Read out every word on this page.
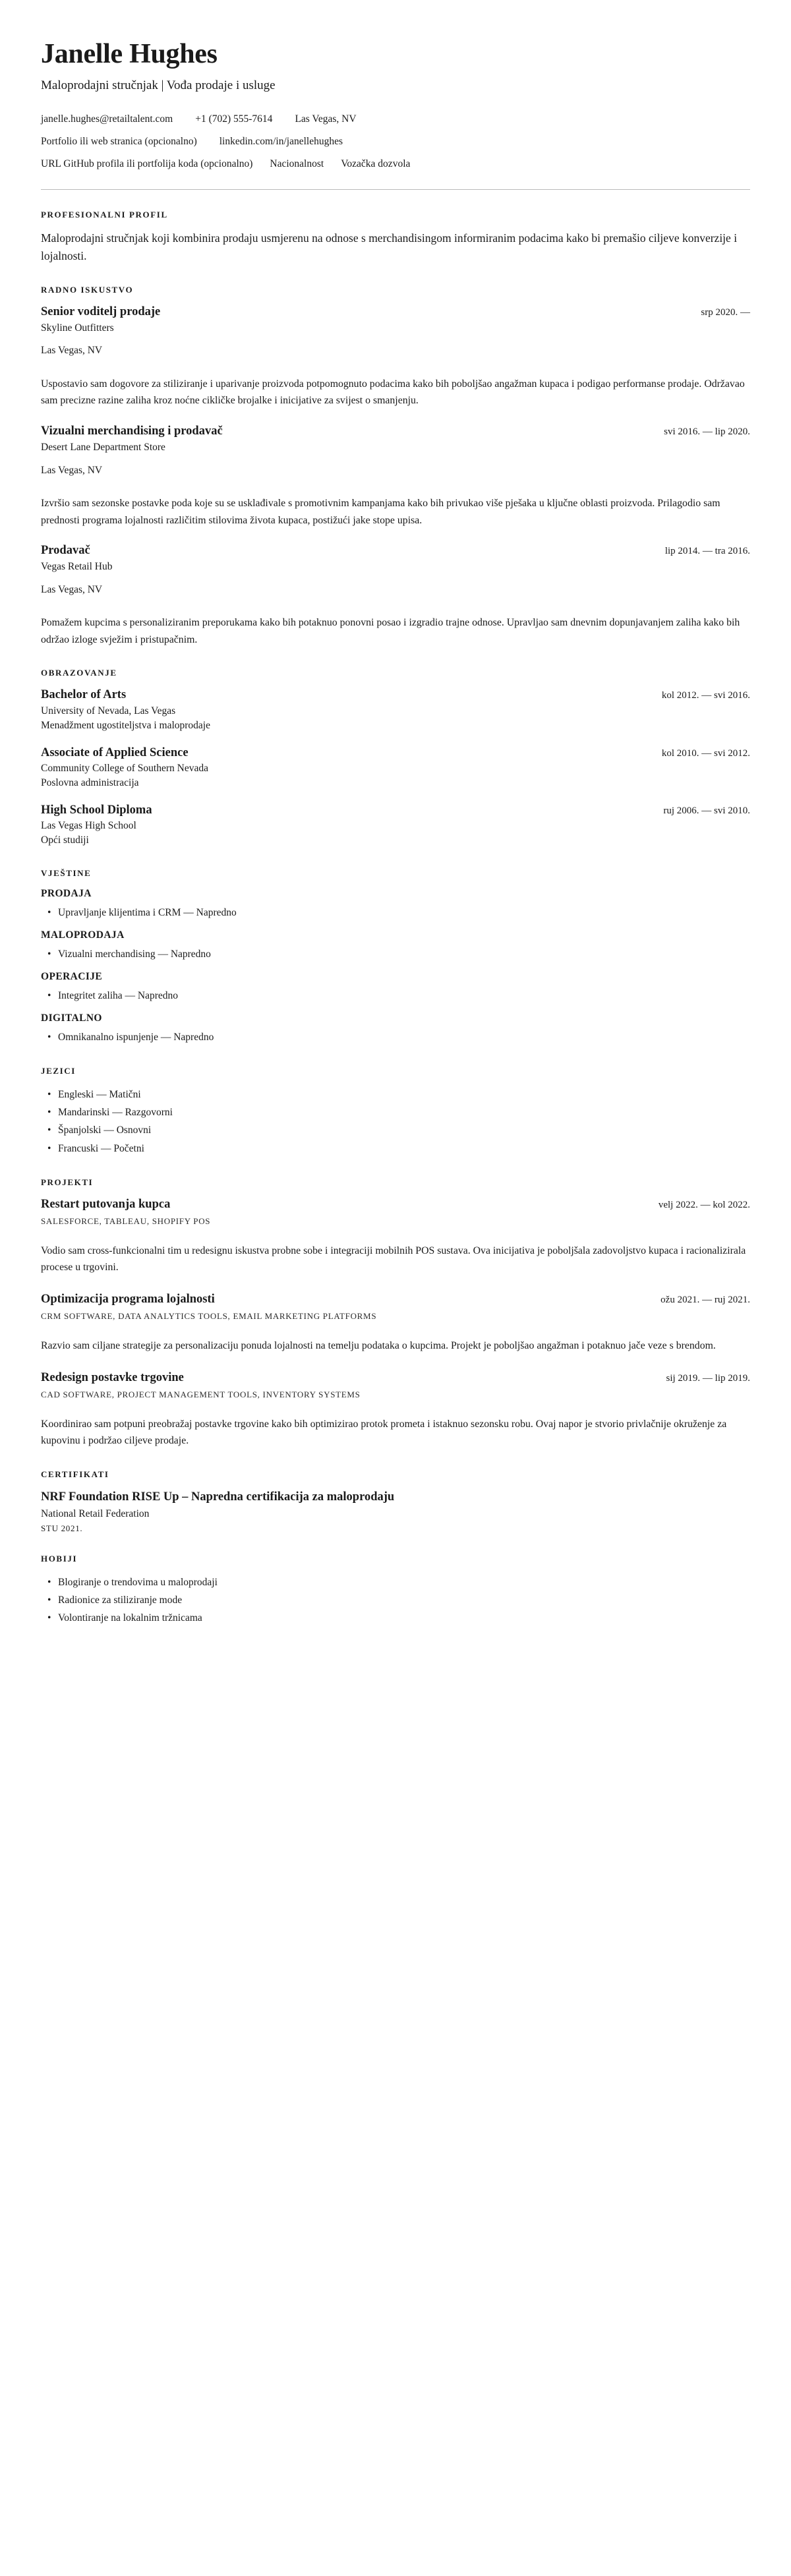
Janelle Hughes
Maloprodajni stručnjak | Vođa prodaje i usluge
janelle.hughes@retailtalent.com +1 (702) 555-7614 Las Vegas, NV
Portfolio ili web stranica (opcionalno) linkedin.com/in/janellehughes
URL GitHub profila ili portfolija koda (opcionalno) Nacionalnost Vozačka dozvola
PROFESIONALNI PROFIL

Maloprodajni stručnjak koji kombinira prodaju usmjerenu na odnose s merchandisingom informiranim podacima kako bi premašio ciljeve konverzije i lojalnosti.

RADNO ISKUSTVO
Senior voditelj prodaje	srp 2020. —
Skyline Outfitters
Las Vegas, NV
Uspostavio sam dogovore za stiliziranje i uparivanje proizvoda potpomognuto podacima kako bih poboljšao angažman kupaca i podigao performanse prodaje. Održavao sam precizne razine zaliha kroz noćne cikličke brojalke i inicijative za svijest o smanjenju.
Vizualni merchandising i prodavač	svi 2016. — lip 2020.
Desert Lane Department Store
Las Vegas, NV
Izvršio sam sezonske postavke poda koje su se usklađivale s promotivnim kampanjama kako bih privukao više pješaka u ključne oblasti proizvoda. Prilagodio sam prednosti programa lojalnosti različitim stilovima života kupaca, postižući jake stope upisa.
Prodavač	lip 2014. — tra 2016.
Vegas Retail Hub
Las Vegas, NV
Pomažem kupcima s personaliziranim preporukama kako bih potaknuo ponovni posao i izgradio trajne odnose. Upravljao sam dnevnim dopunjavanjem zaliha kako bih održao izloge svježim i pristupačnim.
OBRAZOVANJE
Bachelor of Arts	kol 2012. — svi 2016.
University of Nevada, Las Vegas
Menadžment ugostiteljstva i maloprodaje
Associate of Applied Science	kol 2010. — svi 2012.
Community College of Southern Nevada
Poslovna administracija
High School Diploma	ruj 2006. — svi 2010.
Las Vegas High School
Opći studiji
VJEŠTINE
PRODAJA
• Upravljanje klijentima i CRM — Napredno
MALOPRODAJA
• Vizualni merchandising — Napredno
OPERACIJE
• Integritet zaliha — Napredno
DIGITALNO
• Omnikanalno ispunjenje — Napredno
JEZICI
• Engleski — Matični
• Mandarinski — Razgovorni
• Španjolski — Osnovni
• Francuski — Početni
PROJEKTI
Restart putovanja kupca	velj 2022. — kol 2022.
SALESFORCE, TABLEAU, SHOPIFY POS
Vodio sam cross-funkcionalni tim u redesignu iskustva probne sobe i integraciji mobilnih POS sustava. Ova inicijativa je poboljšala zadovoljstvo kupaca i racionalizirala procese u trgovini.
Optimizacija programa lojalnosti	ožu 2021. — ruj 2021.
CRM SOFTWARE, DATA ANALYTICS TOOLS, EMAIL MARKETING PLATFORMS
Razvio sam ciljane strategije za personalizaciju ponuda lojalnosti na temelju podataka o kupcima. Projekt je poboljšao angažman i potaknuo jače veze s brendom.
Redesign postavke trgovine	sij 2019. — lip 2019.
CAD SOFTWARE, PROJECT MANAGEMENT TOOLS, INVENTORY SYSTEMS
Koordinirao sam potpuni preobražaj postavke trgovine kako bih optimizirao protok prometa i istaknuo sezonsku robu. Ovaj napor je stvorio privlačnije okruženje za kupovinu i podržao ciljeve prodaje.
CERTIFIKATI
NRF Foundation RISE Up – Napredna certifikacija za maloprodaju
National Retail Federation
STU 2021.
HOBIJI
• Blogiranje o trendovima u maloprodaji
• Radionice za stiliziranje mode
• Volontiranje na lokalnim tržnicama
